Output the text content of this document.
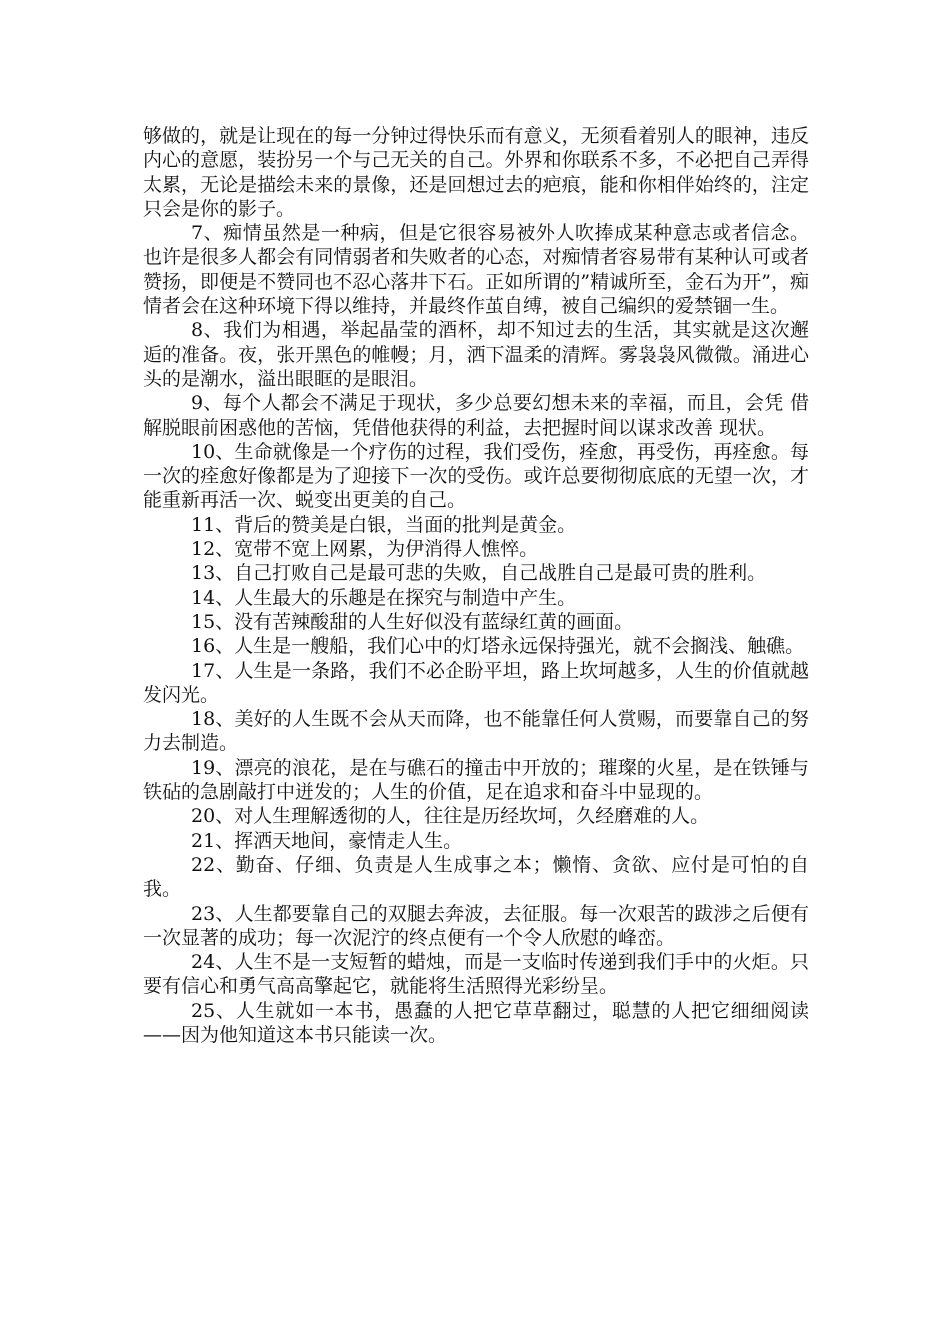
够做的，就是让现在的每一分钟过得快乐而有意义，无须看着别人的眼神，违反内心的意愿，装扮另一个与己无关的自己。外界和你联系不多，不必把自己弄得太累，无论是描绘未来的景像，还是回想过去的疤痕，能和你相伴始终的，注定只会是你的影子。

7、痴情虽然是一种病，但是它很容易被外人吹捧成某种意志或者信念。也许是很多人都会有同情弱者和失败者的心态，对痴情者容易带有某种认可或者赞扬，即便是不赞同也不忍心落井下石。正如所谓的”精诚所至，金石为开”，痴情者会在这种环境下得以维持，并最终作茧自缚，被自己编织的爱禁锢一生。

8、我们为相遇，举起晶莹的酒杯，却不知过去的生活，其实就是这次邂逅的准备。夜，张开黑色的帷幔；月，洒下温柔的清辉。雾袅袅风微微。涌进心头的是潮水，溢出眼眶的是眼泪。

9、每个人都会不满足于现状，多少总要幻想未来的幸福，而且，会凭 借解脱眼前困惑他的苦恼，凭借他获得的利益，去把握时间以谋求改善 现状。

10、生命就像是一个疗伤的过程，我们受伤，痊愈，再受伤，再痊愈。每一次的痊愈好像都是为了迎接下一次的受伤。或许总要彻彻底底的无望一次，才能重新再活一次、蜕变出更美的自己。

11、背后的赞美是白银，当面的批判是黄金。

12、宽带不宽上网累，为伊消得人憔悴。

13、自己打败自己是最可悲的失败，自己战胜自己是最可贵的胜利。

14、人生最大的乐趣是在探究与制造中产生。

15、没有苦辣酸甜的人生好似没有蓝绿红黄的画面。

16、人生是一艘船，我们心中的灯塔永远保持强光，就不会搁浅、触礁。

17、人生是一条路，我们不必企盼平坦，路上坎坷越多，人生的价值就越发闪光。

18、美好的人生既不会从天而降，也不能靠任何人赏赐，而要靠自己的努力去制造。

19、漂亮的浪花，是在与礁石的撞击中开放的；璀璨的火星，是在铁锤与铁砧的急剧敲打中迸发的；人生的价值，足在追求和奋斗中显现的。

20、对人生理解透彻的人，往往是历经坎坷，久经磨难的人。

21、挥洒天地间，豪情走人生。

22、勤奋、仔细、负责是人生成事之本；懒惰、贪欲、应付是可怕的自我。

23、人生都要靠自己的双腿去奔波，去征服。每一次艰苦的跋涉之后便有一次显著的成功；每一次泥泞的终点便有一个令人欣慰的峰峦。

24、人生不是一支短暂的蜡烛，而是一支临时传递到我们手中的火炬。只要有信心和勇气高高擎起它，就能将生活照得光彩纷呈。

25、人生就如一本书，愚蠢的人把它草草翻过，聪慧的人把它细细阅读——因为他知道这本书只能读一次。
